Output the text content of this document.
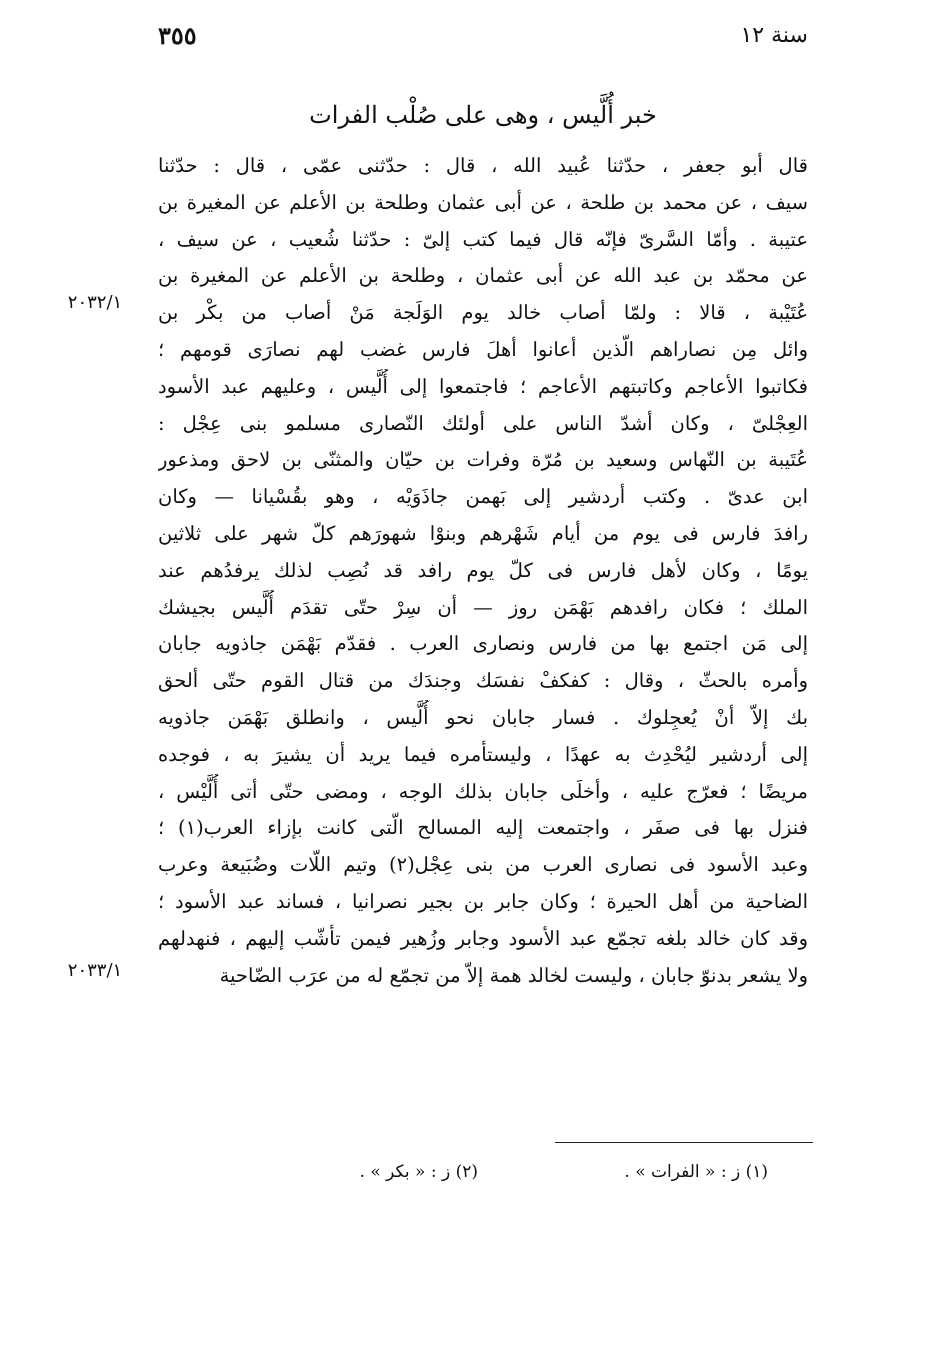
سنة ١٢
٣٥٥
خبر أُلَّيس ، وهى على صُلْب الفرات
٢٠٣٢/١
٢٠٣٣/١
قال أبو جعفر ، حدّثنا عُبيد الله ، قال : حدّثنى عمّى ، قال : حدّثنا
سيف ، عن محمد بن طلحة ، عن أبى عثمان وطلحة بن الأعلم عن المغيرة بن
عتيبة . وأمّا السَّرىّ فإنّه قال فيما كتب إلىّ : حدّثنا شُعيب ، عن سيف ،
عن محمّد بن عبد الله عن أبى عثمان ، وطلحة بن الأعلم عن المغيرة بن
عُتَيْبة ، قالا : ولمّا أصاب خالد يوم الوَلَجة مَنْ أصاب من بكْر بن
وائل مِن نصاراهم الّذين أعانوا أهلَ فارس غضب لهم نصارَى قومهم ؛
فكاتبوا الأعاجم وكاتبتهم الأعاجم ؛ فاجتمعوا إلى أُلَّيس ، وعليهم عبد الأسود
العِجْلىّ ، وكان أشدّ الناس على أولئك النّصارى مسلمو بنى عِجْل :
عُتَيبة بن النّهاس وسعيد بن مُرّة وفرات بن حيّان والمثنّى بن لاحق ومذعور
ابن عدىّ . وكتب أردشير إلى بَهمن جاذَوَيْه ، وهو بقُسْيانا — وكان
رافدَ فارس فى يوم من أيام شَهْرهم وبنوْا شهورَهم كلّ شهر على ثلاثين
يومًا ، وكان لأهل فارس فى كلّ يوم رافد قد نُصِب لذلك يرفدُهم عند
الملك ؛ فكان رافدهم بَهْمَن روز — أن سِرْ حتّى تقدَم أُلَّيس بجيشك
إلى مَن اجتمع بها من فارس ونصارى العرب . فقدّم بَهْمَن جاذويه جابان
وأمره بالحثّ ، وقال : كفكفْ نفسَك وجندَك من قتال القوم حتّى ألحق
بك إلاّ أنْ يُعجِلوك . فسار جابان نحو أُلَّيس ، وانطلق بَهْمَن جاذويه
إلى أردشير ليُحْدِث به عهدًا ، وليستأمره فيما يريد أن يشيرَ به ، فوجده
مريضًا ؛ فعرّج عليه ، وأخلَى جابان بذلك الوجه ، ومضى حتّى أتى أُلَّيْس ،
فنزل بها فى صفَر ، واجتمعت إليه المسالح الّتى كانت بإزاء العرب(١) ؛
وعبد الأسود فى نصارى العرب من بنى عِجْل(٢) وتيم اللّات وضُبَيعة وعرب
الضاحية من أهل الحيرة ؛ وكان جابر بن بجير نصرانيا ، فساند عبد الأسود ؛
وقد كان خالد بلغه تجمّع عبد الأسود وجابر وزُهير فيمن تأشّب إليهم ، فنهدلهم
ولا يشعر بدنوّ جابان ، وليست لخالد همة إلاّ من تجمّع له من عرَب الضّاحية
(١) ز : « الفرات » .
(٢) ز : « بكر » .
